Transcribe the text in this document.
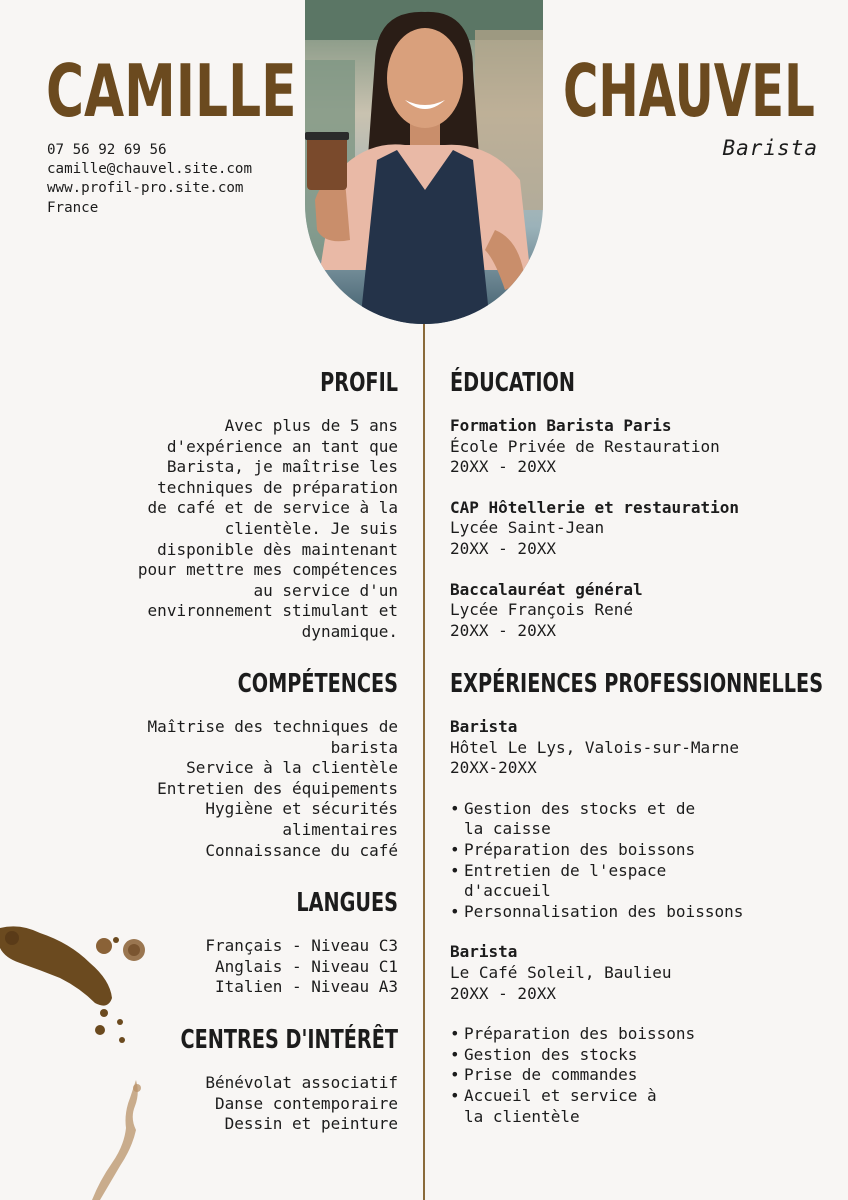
CAMILLE	CHAUVEL
Barista
07 56 92 69 56
camille@chauvel.site.com
www.profil-pro.site.com
France
PROFIL
Avec plus de 5 ans
d'expérience an tant que
Barista, je maîtrise les
techniques de préparation
de café et de service à la
clientèle. Je suis
disponible dès maintenant
pour mettre mes compétences
au service d'un
environnement stimulant et
dynamique.
COMPÉTENCES
Maîtrise des techniques de
barista
Service à la clientèle
Entretien des équipements
Hygiène et sécurités
alimentaires
Connaissance du café
LANGUES
Français - Niveau C3
Anglais - Niveau C1
Italien - Niveau A3
CENTRES D'INTÉRÊT
Bénévolat associatif
Danse contemporaire
Dessin et peinture
ÉDUCATION
Formation Barista Paris
École Privée de Restauration
20XX - 20XX
CAP Hôtellerie et restauration
Lycée Saint-Jean
20XX - 20XX
Baccalauréat général
Lycée François René
20XX - 20XX
EXPÉRIENCES PROFESSIONNELLES
Barista
Hôtel Le Lys, Valois-sur-Marne
20XX-20XX
• Gestion des stocks et de
la caisse
• Préparation des boissons
• Entretien de l'espace
d'accueil
• Personnalisation des boissons
Barista
Le Café Soleil, Baulieu
20XX - 20XX
• Préparation des boissons
• Gestion des stocks
• Prise de commandes
• Accueil et service à
la clientèle
